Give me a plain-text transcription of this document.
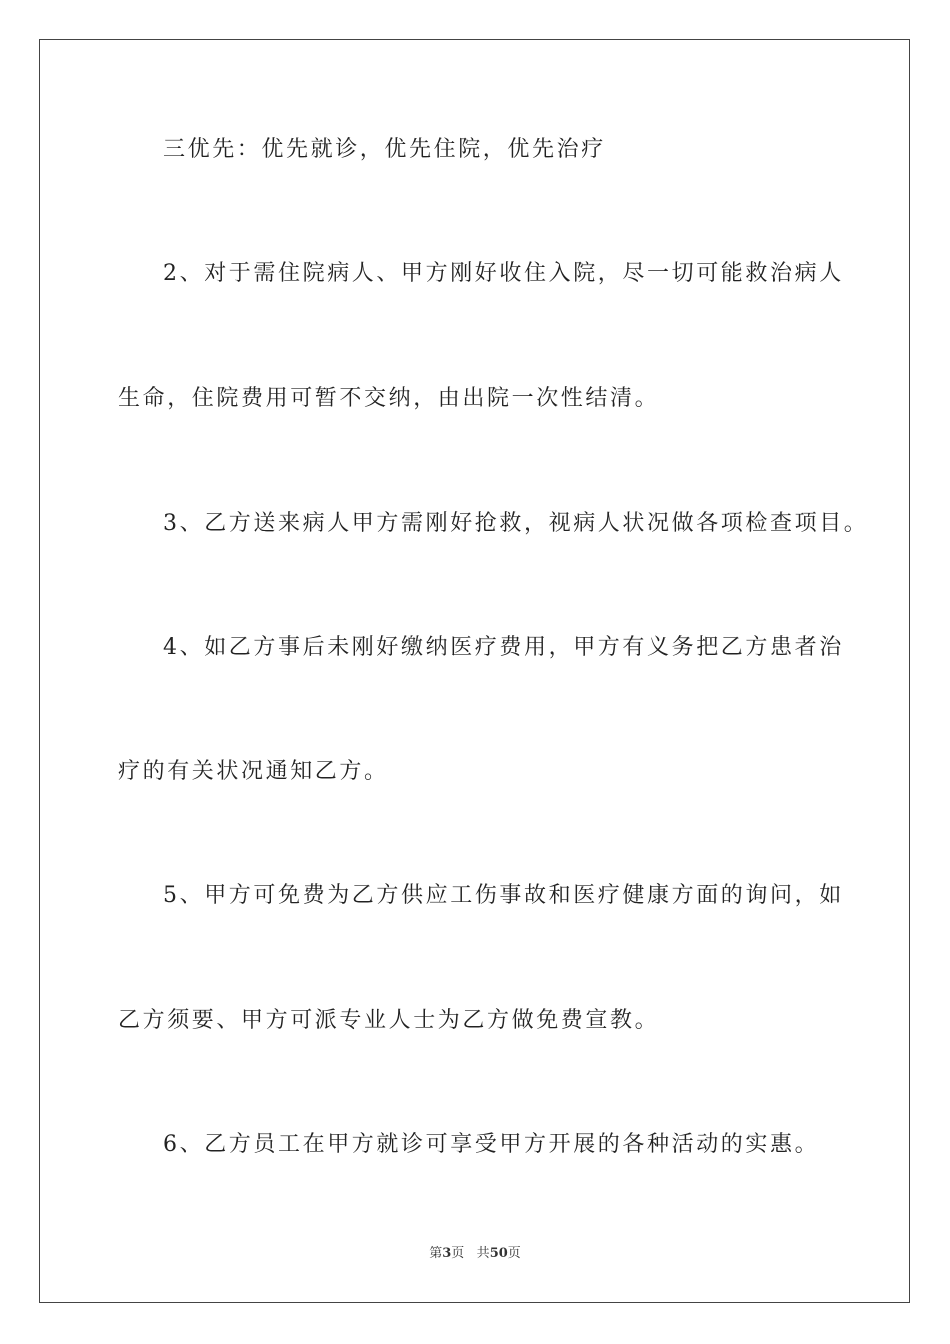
三优先：优先就诊，优先住院，优先治疗
2、对于需住院病人、甲方刚好收住入院，尽一切可能救治病人
生命，住院费用可暂不交纳，由出院一次性结清。
3、乙方送来病人甲方需刚好抢救，视病人状况做各项检查项目。
4、如乙方事后未刚好缴纳医疗费用，甲方有义务把乙方患者治
疗的有关状况通知乙方。
5、甲方可免费为乙方供应工伤事故和医疗健康方面的询问，如
乙方须要、甲方可派专业人士为乙方做免费宣教。
6、乙方员工在甲方就诊可享受甲方开展的各种活动的实惠。
第3页 共50页
